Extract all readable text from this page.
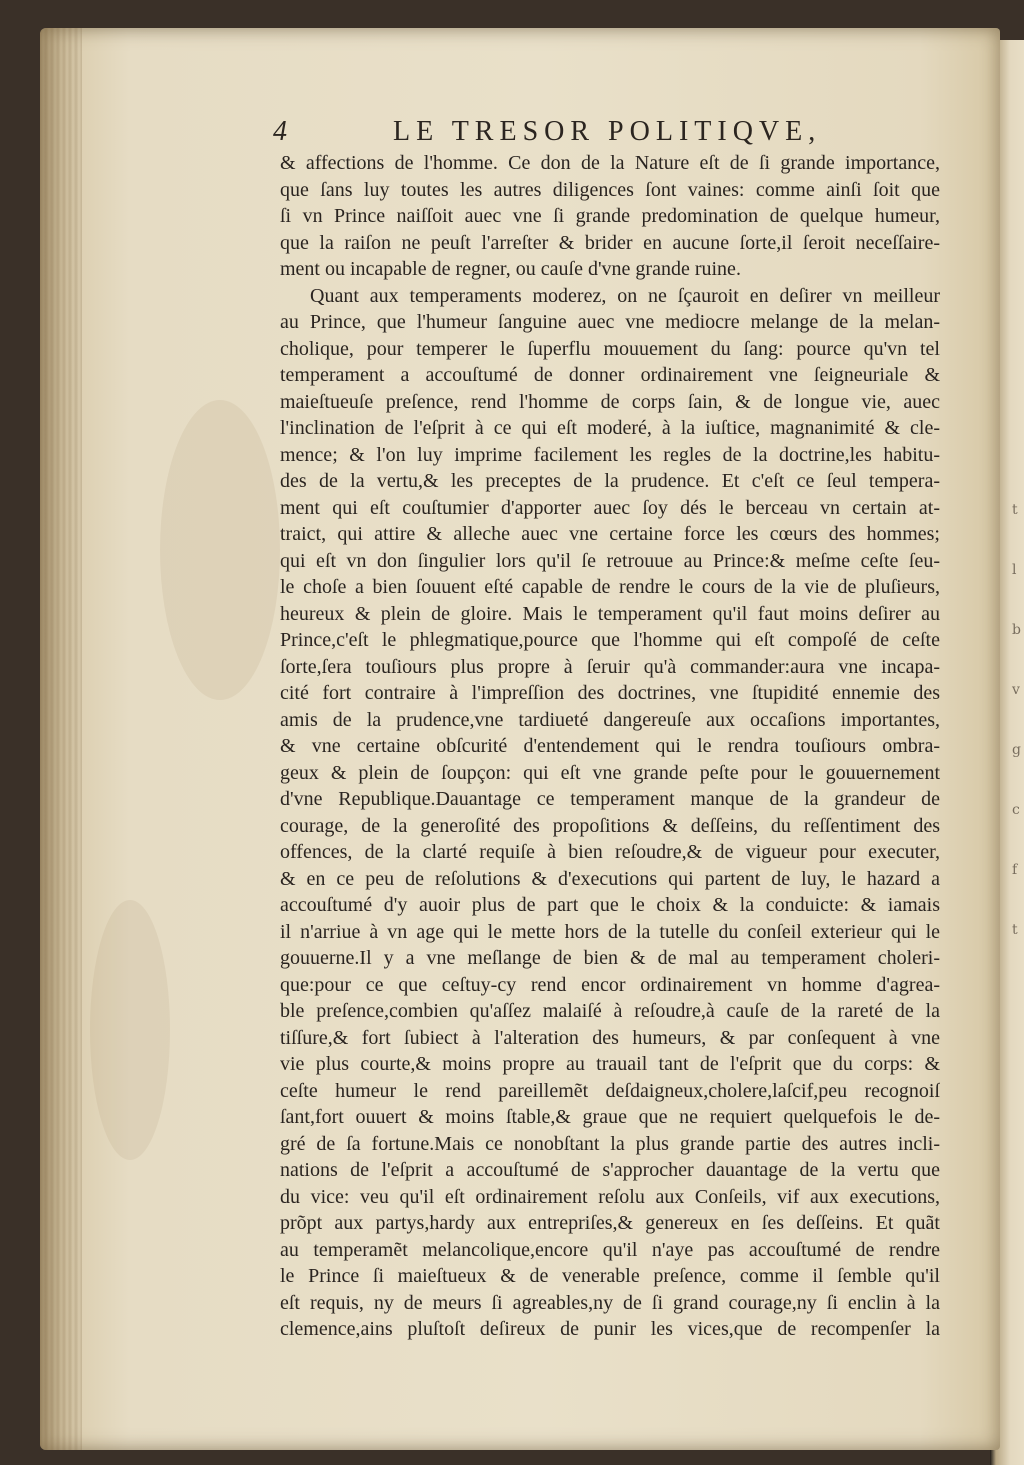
t
l
b
v
g
c
f
t
4	LE TRESOR POLITIQVE,
& affections de l'homme. Ce don de la Nature eſt de ſi grande importance,
que ſans luy toutes les autres diligences ſont vaines: comme ainſi ſoit que
ſi vn Prince naiſſoit auec vne ſi grande predomination de quelque humeur,
que la raiſon ne peuſt l'arreſter & brider en aucune ſorte,il ſeroit neceſſaire-
ment ou incapable de regner, ou cauſe d'vne grande ruine.
Quant aux temperaments moderez, on ne ſçauroit en deſirer vn meilleur
au Prince, que l'humeur ſanguine auec vne mediocre melange de la melan-
cholique, pour temperer le ſuperflu mouuement du ſang: pource qu'vn tel
temperament a accouſtumé de donner ordinairement vne ſeigneuriale &
maieſtueuſe preſence, rend l'homme de corps ſain, & de longue vie, auec
l'inclination de l'eſprit à ce qui eſt moderé, à la iuſtice, magnanimité & cle-
mence; & l'on luy imprime facilement les regles de la doctrine,les habitu-
des de la vertu,& les preceptes de la prudence. Et c'eſt ce ſeul tempera-
ment qui eſt couſtumier d'apporter auec ſoy dés le berceau vn certain at-
traict, qui attire & alleche auec vne certaine force les cœurs des hommes;
qui eſt vn don ſingulier lors qu'il ſe retrouue au Prince:& meſme ceſte ſeu-
le choſe a bien ſouuent eſté capable de rendre le cours de la vie de pluſieurs,
heureux & plein de gloire. Mais le temperament qu'il faut moins deſirer au
Prince,c'eſt le phlegmatique,pource que l'homme qui eſt compoſé de ceſte
ſorte,ſera touſiours plus propre à ſeruir qu'à commander:aura vne incapa-
cité fort contraire à l'impreſſion des doctrines, vne ſtupidité ennemie des
amis de la prudence,vne tardiueté dangereuſe aux occaſions importantes,
& vne certaine obſcurité d'entendement qui le rendra touſiours ombra-
geux & plein de ſoupçon: qui eſt vne grande peſte pour le gouuernement
d'vne Republique.Dauantage ce temperament manque de la grandeur de
courage, de la generoſité des propoſitions & deſſeins, du reſſentiment des
offences, de la clarté requiſe à bien reſoudre,& de vigueur pour executer,
& en ce peu de reſolutions & d'executions qui partent de luy, le hazard a
accouſtumé d'y auoir plus de part que le choix & la conduicte: & iamais
il n'arriue à vn age qui le mette hors de la tutelle du conſeil exterieur qui le
gouuerne.Il y a vne meſlange de bien & de mal au temperament choleri-
que:pour ce que ceſtuy-cy rend encor ordinairement vn homme d'agrea-
ble preſence,combien qu'aſſez malaiſé à reſoudre,à cauſe de la rareté de la
tiſſure,& fort ſubiect à l'alteration des humeurs, & par conſequent à vne
vie plus courte,& moins propre au trauail tant de l'eſprit que du corps: &
ceſte humeur le rend pareillemẽt deſdaigneux,cholere,laſcif,peu recognoiſ
ſant,fort ouuert & moins ſtable,& graue que ne requiert quelquefois le de-
gré de ſa fortune.Mais ce nonobſtant la plus grande partie des autres incli-
nations de l'eſprit a accouſtumé de s'approcher dauantage de la vertu que
du vice: veu qu'il eſt ordinairement reſolu aux Conſeils, vif aux executions,
prõpt aux partys,hardy aux entrepriſes,& genereux en ſes deſſeins. Et quãt
au temperamẽt melancolique,encore qu'il n'aye pas accouſtumé de rendre
le Prince ſi maieſtueux & de venerable preſence, comme il ſemble qu'il
eſt requis, ny de meurs ſi agreables,ny de ſi grand courage,ny ſi enclin à la
clemence,ains pluſtoſt deſireux de punir les vices,que de recompenſer la
